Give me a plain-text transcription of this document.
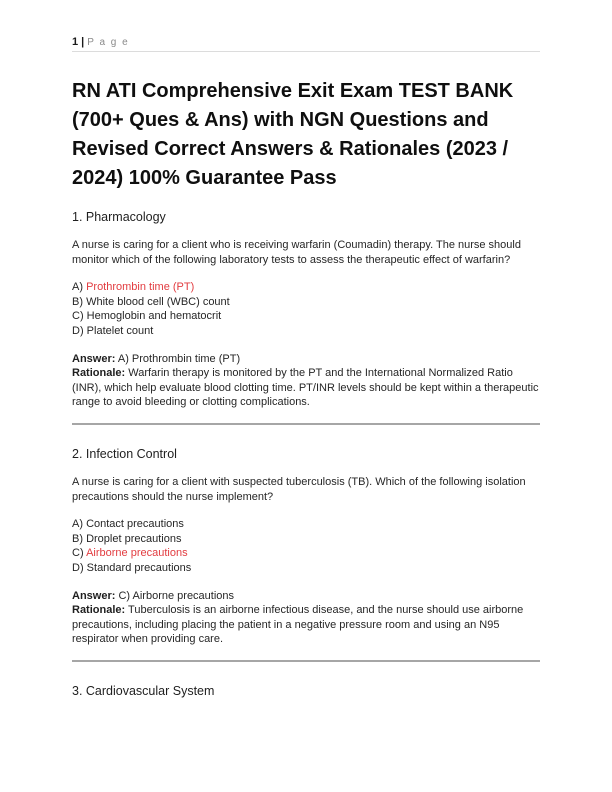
1 | P a g e
RN ATI Comprehensive Exit Exam TEST BANK (700+ Ques & Ans) with NGN Questions and Revised Correct Answers & Rationales (2023 / 2024) 100% Guarantee Pass
1. Pharmacology

A nurse is caring for a client who is receiving warfarin (Coumadin) therapy. The nurse should monitor which of the following laboratory tests to assess the therapeutic effect of warfarin?

A) Prothrombin time (PT)
B) White blood cell (WBC) count
C) Hemoglobin and hematocrit
D) Platelet count
Answer: A) Prothrombin time (PT)
Rationale: Warfarin therapy is monitored by the PT and the International Normalized Ratio (INR), which help evaluate blood clotting time. PT/INR levels should be kept within a therapeutic range to avoid bleeding or clotting complications.
2. Infection Control

A nurse is caring for a client with suspected tuberculosis (TB). Which of the following isolation precautions should the nurse implement?

A) Contact precautions
B) Droplet precautions
C) Airborne precautions
D) Standard precautions
Answer: C) Airborne precautions
Rationale: Tuberculosis is an airborne infectious disease, and the nurse should use airborne precautions, including placing the patient in a negative pressure room and using an N95 respirator when providing care.
3. Cardiovascular System
